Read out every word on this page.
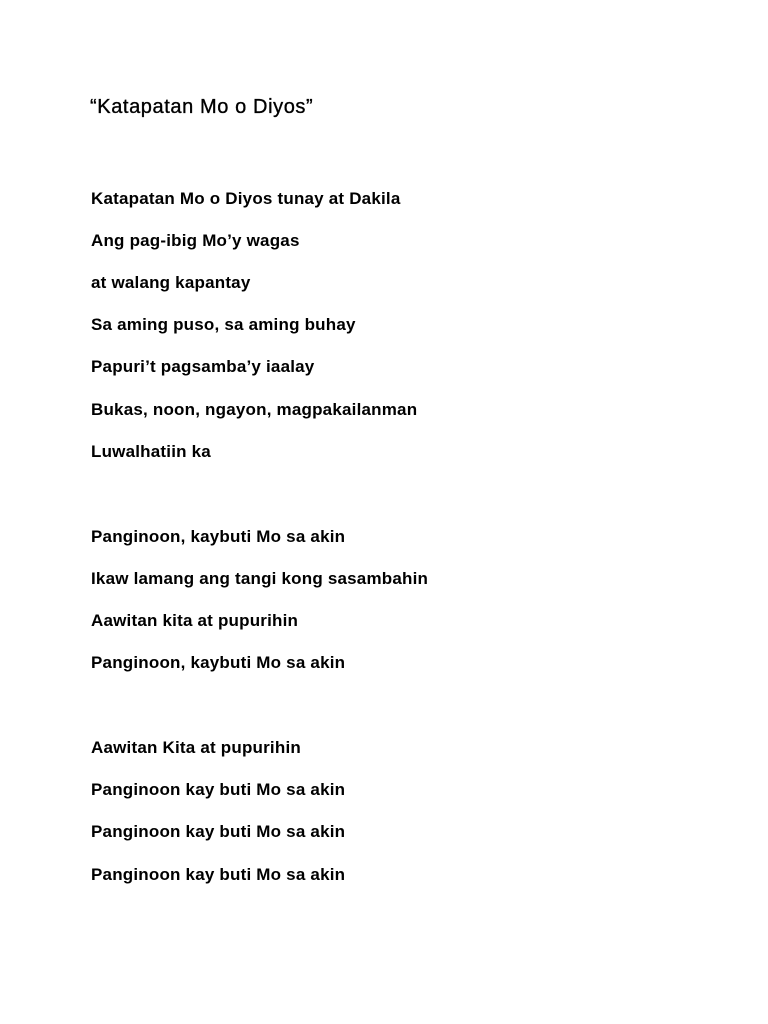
“Katapatan Mo o Diyos”

Katapatan Mo o Diyos tunay at Dakila

Ang pag-ibig Mo’y wagas

at walang kapantay

Sa aming puso, sa aming buhay

Papuri’t pagsamba’y iaalay

Bukas, noon, ngayon, magpakailanman

Luwalhatiin ka

Panginoon, kaybuti Mo sa akin

Ikaw lamang ang tangi kong sasambahin

Aawitan kita at pupurihin

Panginoon, kaybuti Mo sa akin

Aawitan Kita at pupurihin

Panginoon kay buti Mo sa akin

Panginoon kay buti Mo sa akin

Panginoon kay buti Mo sa akin
